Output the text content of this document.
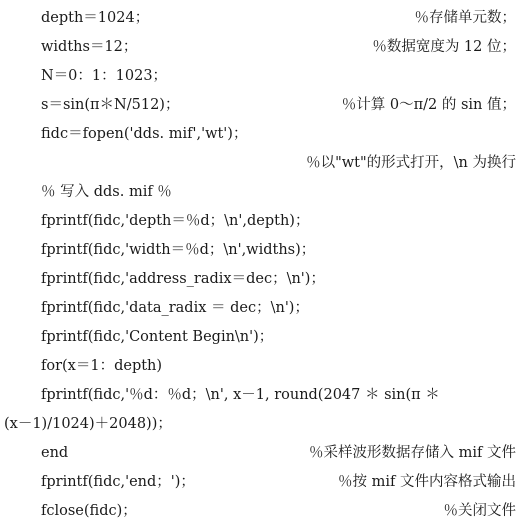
depth＝1024；	％存储单元数；
widths＝12；	％数据宽度为 12 位；
N＝0：1：1023；
s＝sin(π＊N/512)；	％计算 0～π/2 的 sin 值；
fidc＝fopen('dds. mif','wt')；
％以"wt"的形式打开，\n 为换行
％ 写入 dds. mif ％
fprintf(fidc,'depth＝％d；\n',depth)；
fprintf(fidc,'width＝％d；\n',widths)；
fprintf(fidc,'address_radix＝dec；\n')；
fprintf(fidc,'data_radix ＝ dec；\n')；
fprintf(fidc,'Content Begin\n')；
for(x＝1：depth)
fprintf(fidc,'％d：％d；\n', x－1, round(2047 ＊ sin(π ＊
(x－1)/1024)＋2048))；
end	％采样波形数据存储入 mif 文件
fprintf(fidc,'end；')；	％按 mif 文件内容格式输出
fclose(fidc)；	％关闭文件
